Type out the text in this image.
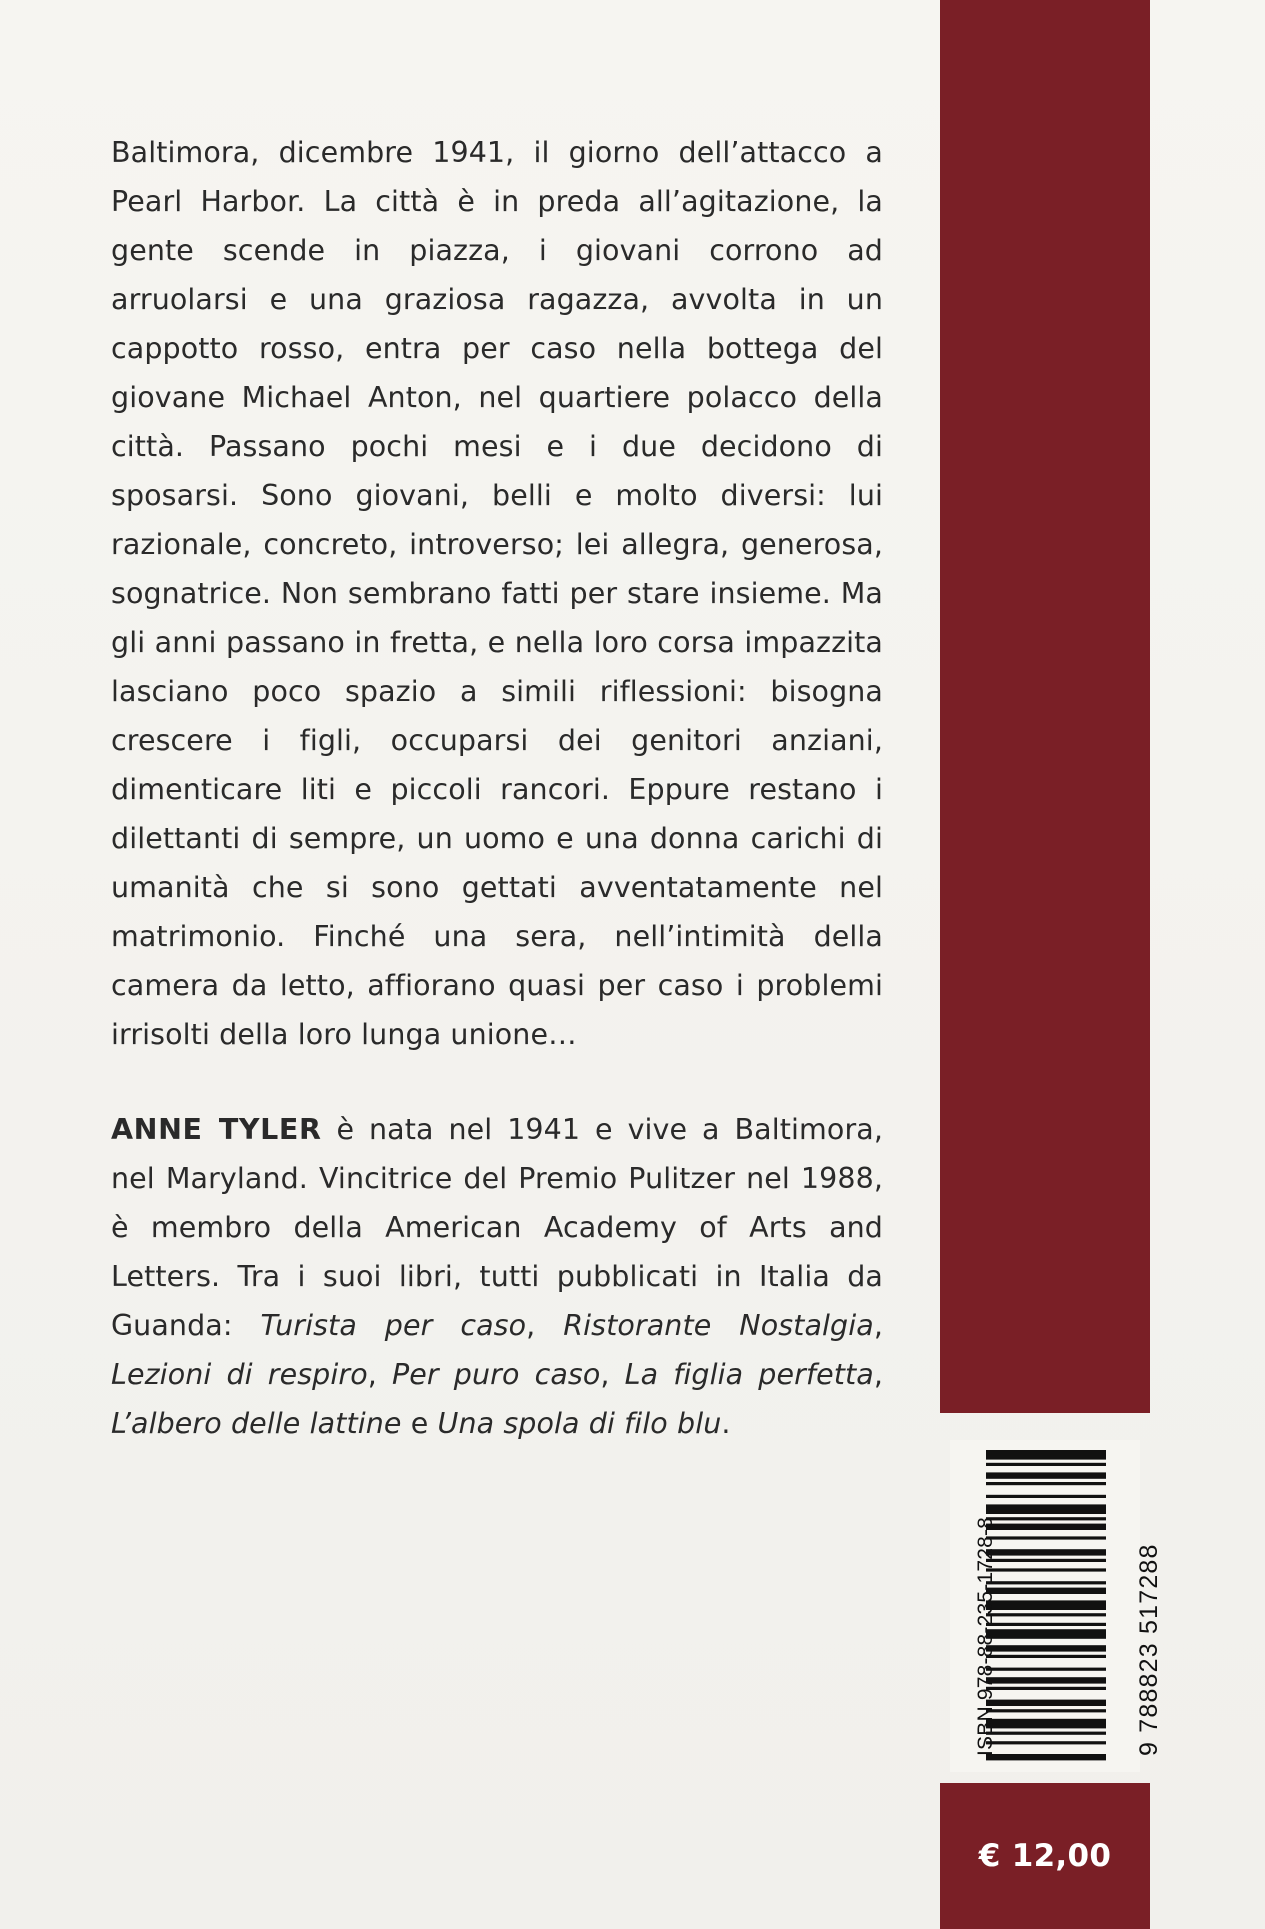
Baltimora, dicembre 1941, il giorno dell’attacco a Pearl Harbor. La città è in preda all’agitazione, la gente scende in piazza, i giovani corrono ad arruolarsi e una graziosa ragazza, avvolta in un cappotto rosso, entra per caso nella bottega del giovane Michael Anton, nel quartiere polacco della città. Passano pochi mesi e i due decidono di sposarsi. Sono giovani, belli e molto diversi: lui razionale, concreto, introverso; lei allegra, generosa, sognatrice. Non sembrano fatti per stare insieme. Ma gli anni passano in fretta, e nella loro corsa impazzita lasciano poco spazio a simili riflessioni: bisogna crescere i figli, occuparsi dei genitori anziani, dimenticare liti e piccoli rancori. Eppure restano i dilettanti di sempre, un uomo e una donna carichi di umanità che si sono gettati avventatamente nel matrimonio. Finché una sera, nell’intimità della camera da letto, affiorano quasi per caso i problemi irrisolti della loro lunga unione…

ANNE TYLER è nata nel 1941 e vive a Baltimora, nel Maryland. Vincitrice del Premio Pulitzer nel 1988, è membro della American Academy of Arts and Letters. Tra i suoi libri, tutti pubblicati in Italia da Guanda: Turista per caso, Ristorante Nostalgia, Lezioni di respiro, Per puro caso, La figlia perfetta, L’albero delle lattine e Una spola di filo blu.

ISBN 978-88-235-1728-8	9 788823 517288
€ 12,00
